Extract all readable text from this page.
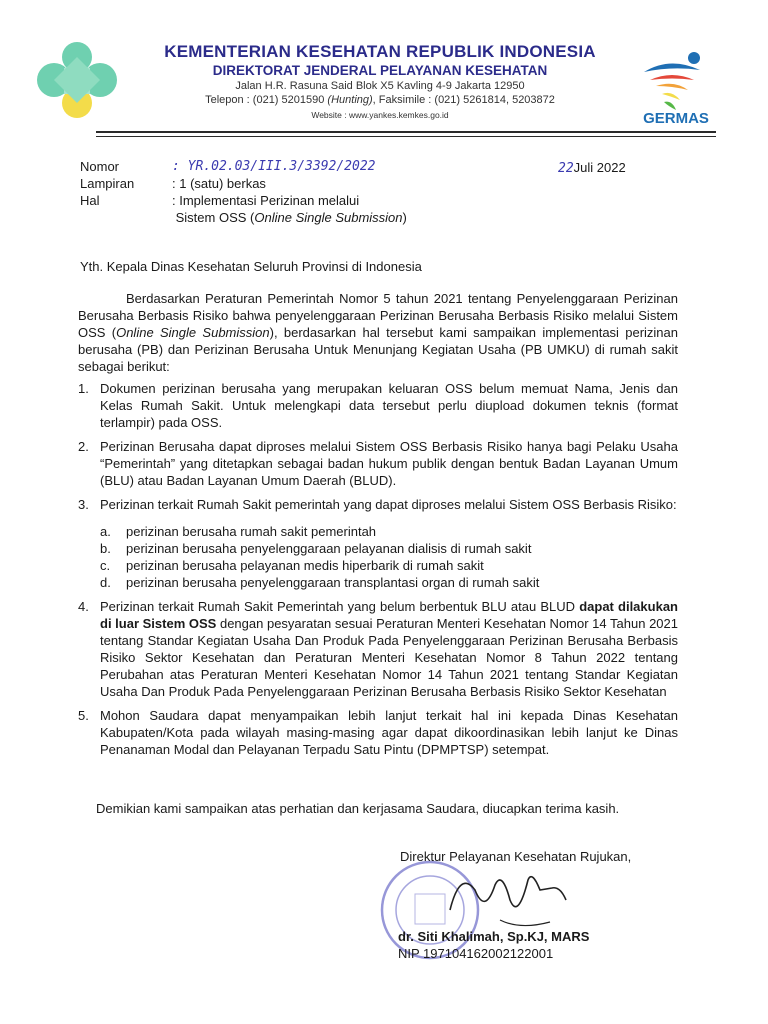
KEMENTERIAN KESEHATAN REPUBLIK INDONESIA
DIREKTORAT JENDERAL PELAYANAN KESEHATAN
Jalan H.R. Rasuna Said Blok X5 Kavling 4-9 Jakarta 12950
Telepon : (021) 5201590 (Hunting), Faksimile : (021) 5261814, 5203872
Website : www.yankes.kemkes.go.id	GERMAS
Nomor	: YR.02.03/III.3/3392/2022
Lampiran	: 1 (satu) berkas
Hal	: Implementasi Perizinan melalui
Sistem OSS (Online Single Submission)
22Juli 2022
Yth. Kepala Dinas Kesehatan Seluruh Provinsi di Indonesia
Berdasarkan Peraturan Pemerintah Nomor 5 tahun 2021 tentang Penyelenggaraan Perizinan Berusaha Berbasis Risiko bahwa penyelenggaraan Perizinan Berusaha Berbasis Risiko melalui Sistem OSS (Online Single Submission), berdasarkan hal tersebut kami sampaikan implementasi perizinan berusaha (PB) dan Perizinan Berusaha Untuk Menunjang Kegiatan Usaha (PB UMKU) di rumah sakit sebagai berikut:
1. Dokumen perizinan berusaha yang merupakan keluaran OSS belum memuat Nama, Jenis dan Kelas Rumah Sakit. Untuk melengkapi data tersebut perlu diupload dokumen teknis (format terlampir) pada OSS.
2. Perizinan Berusaha dapat diproses melalui Sistem OSS Berbasis Risiko hanya bagi Pelaku Usaha “Pemerintah” yang ditetapkan sebagai badan hukum publik dengan bentuk Badan Layanan Umum (BLU) atau Badan Layanan Umum Daerah (BLUD).
3. Perizinan terkait Rumah Sakit pemerintah yang dapat diproses melalui Sistem OSS Berbasis Risiko:
a.	perizinan berusaha rumah sakit pemerintah
b.	perizinan berusaha penyelenggaraan pelayanan dialisis di rumah sakit
c.	perizinan berusaha pelayanan medis hiperbarik di rumah sakit
d.	perizinan berusaha penyelenggaraan transplantasi organ di rumah sakit
4. Perizinan terkait Rumah Sakit Pemerintah yang belum berbentuk BLU atau BLUD dapat dilakukan di luar Sistem OSS dengan pesyaratan sesuai Peraturan Menteri Kesehatan Nomor 14 Tahun 2021 tentang Standar Kegiatan Usaha Dan Produk Pada Penyelenggaraan Perizinan Berusaha Berbasis Risiko Sektor Kesehatan dan Peraturan Menteri Kesehatan Nomor 8 Tahun 2022 tentang Perubahan atas Peraturan Menteri Kesehatan Nomor 14 Tahun 2021 tentang Standar Kegiatan Usaha Dan Produk Pada Penyelenggaraan Perizinan Berusaha Berbasis Risiko Sektor Kesehatan
5. Mohon Saudara dapat menyampaikan lebih lanjut terkait hal ini kepada Dinas Kesehatan Kabupaten/Kota pada wilayah masing-masing agar dapat dikoordinasikan lebih lanjut ke Dinas Penanaman Modal dan Pelayanan Terpadu Satu Pintu (DPMPTSP) setempat.
Demikian kami sampaikan atas perhatian dan kerjasama Saudara, diucapkan terima kasih.
Direktur Pelayanan Kesehatan Rujukan,
dr. Siti Khalimah, Sp.KJ, MARS
NIP 197104162002122001
